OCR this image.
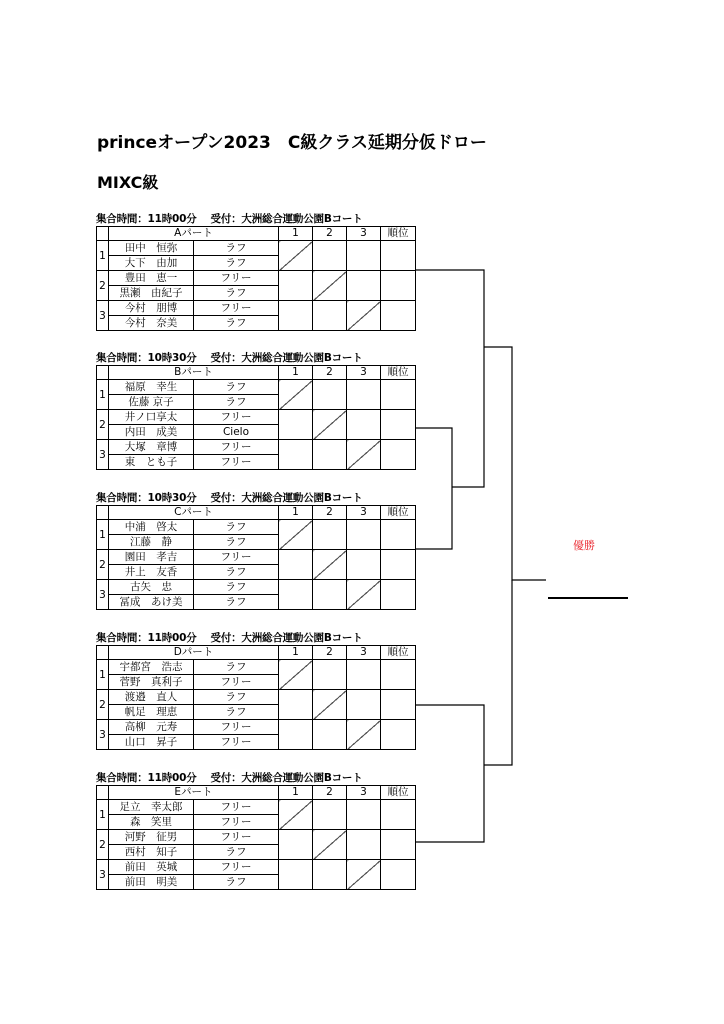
princeオープン2023　C級クラス延期分仮ドロー
MIXC級
集合時間：11時00分 受付：大洲総合運動公園Bコート
	Aパート		1	2	3	順位
1	田中　恒弥	ラフ				
	大下　由加	ラフ				
2	豊田　恵一	フリー				
	黒瀬　由紀子	ラフ				
3	今村　朋博	フリー				
	今村　奈美	ラフ				
集合時間：10時30分 受付：大洲総合運動公園Bコート
	Bパート		1	2	3	順位
1	福原　幸生	ラフ				
	佐藤 京子	ラフ				
2	井ノ口享太	フリー				
	内田　成美	Cielo				
3	大塚　章博	フリー				
	東　とも子	フリー				
集合時間：10時30分 受付：大洲総合運動公園Bコート
	Cパート		1	2	3	順位
1	中浦　啓太	ラフ				
	江藤　静	ラフ				
2	園田　孝吉	フリー				
	井上　友香	ラフ				
3	古矢　忠	ラフ				
	冨成　あけ美	ラフ				
集合時間：11時00分 受付：大洲総合運動公園Bコート
	Dパート		1	2	3	順位
1	宇都宮　浩志	ラフ				
	菅野　真利子	フリー				
2	渡邉　直人	ラフ				
	帆足　理恵	ラフ				
3	高柳　元寿	フリー				
	山口　昇子	フリー				
集合時間：11時00分 受付：大洲総合運動公園Bコート
	Eパート		1	2	3	順位
1	足立　幸太郎	フリー				
	森　笑里	フリー				
2	河野　征男	フリー				
	西村　知子	ラフ				
3	前田　英城	フリー				
	前田　明美	ラフ				
優勝
